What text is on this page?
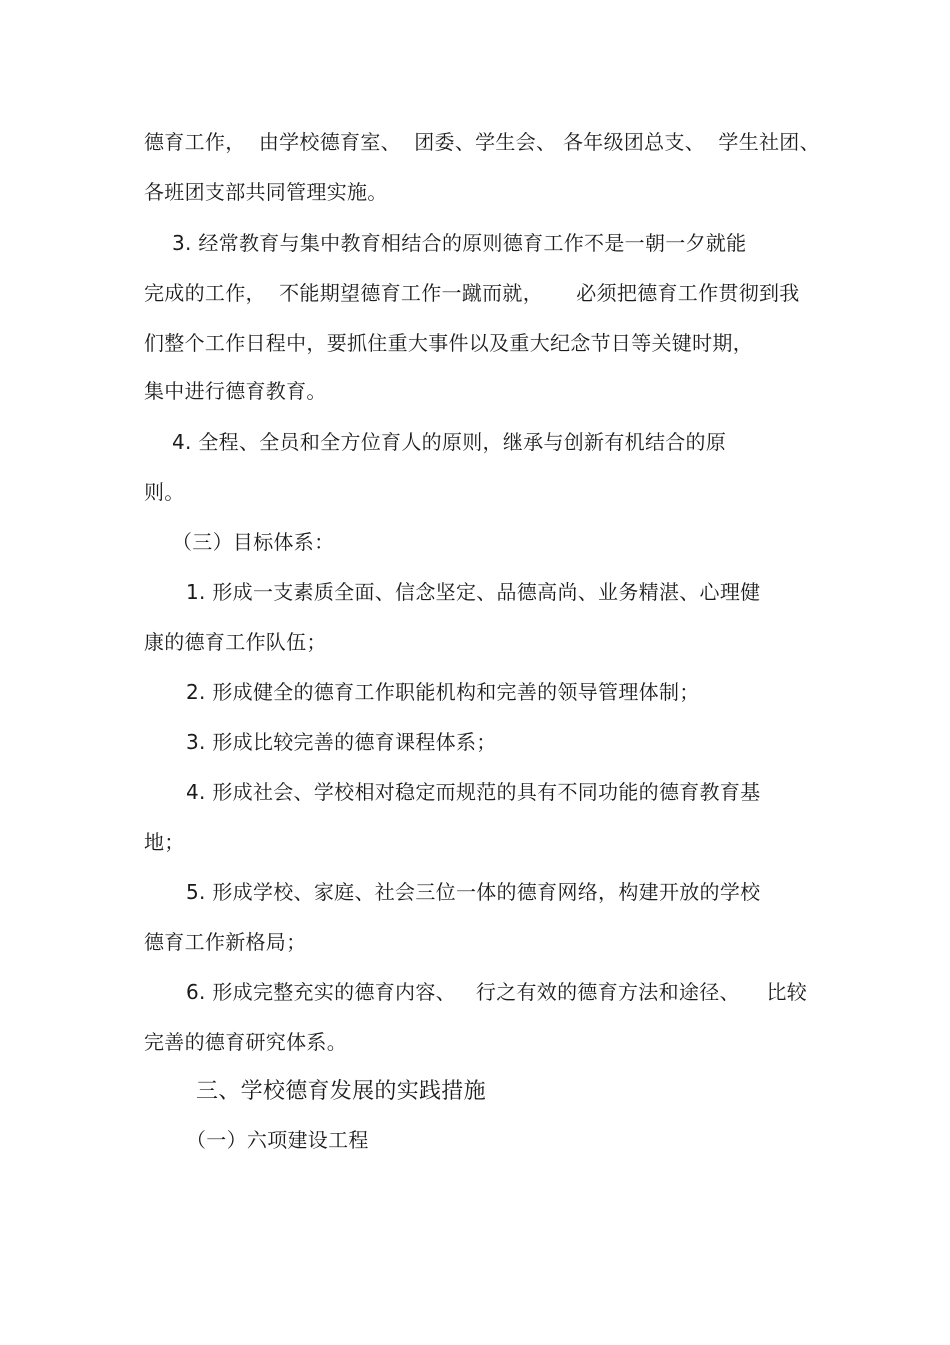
德育工作，  由学校德育室、  团委、学生会、 各年级团总支、  学生社团、
各班团支部共同管理实施。
3. 经常教育与集中教育相结合的原则德育工作不是一朝一夕就能
完成的工作，  不能期望德育工作一蹴而就，     必须把德育工作贯彻到我
们整个工作日程中，要抓住重大事件以及重大纪念节日等关键时期，
集中进行德育教育。
4. 全程、全员和全方位育人的原则，继承与创新有机结合的原
则。
（三）目标体系：
1. 形成一支素质全面、信念坚定、品德高尚、业务精湛、心理健
康的德育工作队伍；
2. 形成健全的德育工作职能机构和完善的领导管理体制；
3. 形成比较完善的德育课程体系；
4. 形成社会、学校相对稳定而规范的具有不同功能的德育教育基
地；
5. 形成学校、家庭、社会三位一体的德育网络，构建开放的学校
德育工作新格局；
6. 形成完整充实的德育内容、   行之有效的德育方法和途径、    比较
完善的德育研究体系。
三、学校德育发展的实践措施
（一）六项建设工程
